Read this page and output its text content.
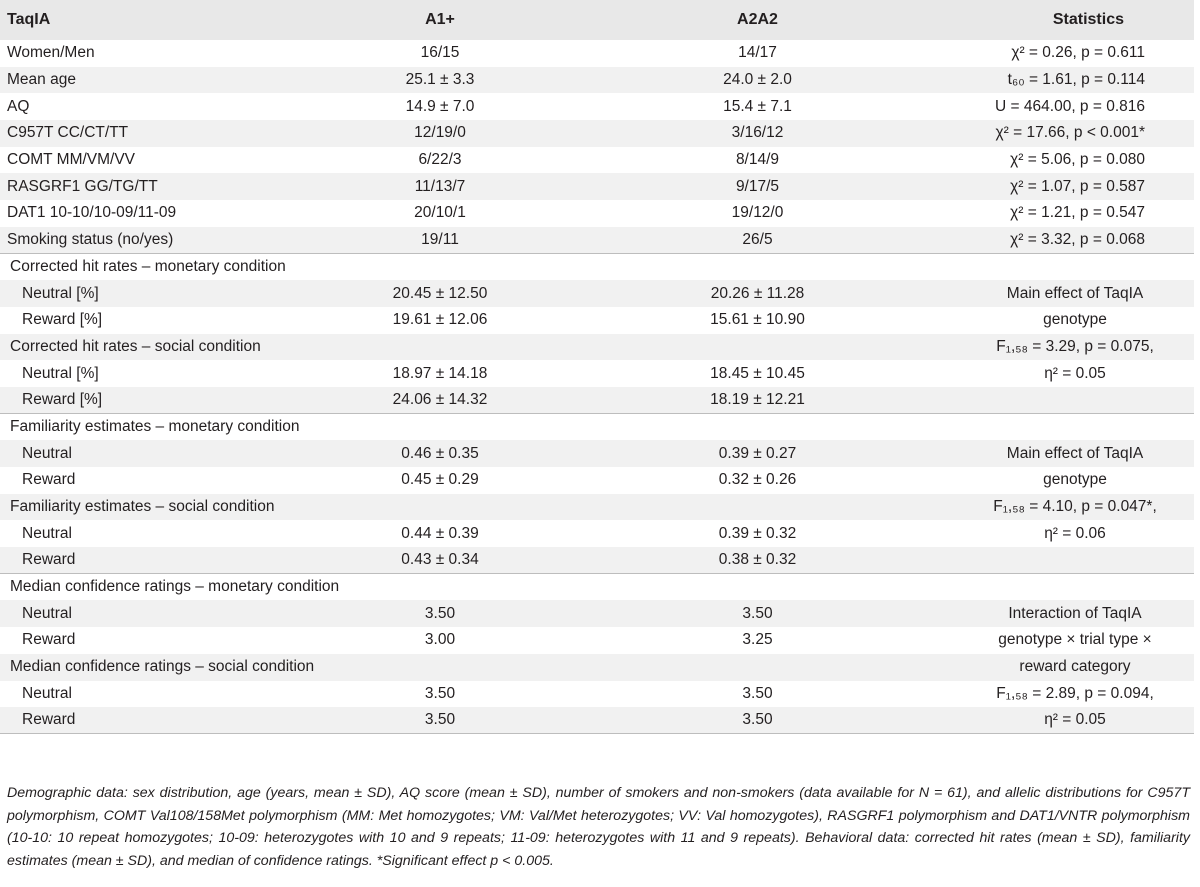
TaqIA	A1+	A2A2	Statistics
Women/Men	16/15	14/17	χ² = 0.26, p = 0.611
Mean age	25.1 ± 3.3	24.0 ± 2.0	t₆₀ = 1.61, p = 0.114
AQ	14.9 ± 7.0	15.4 ± 7.1	U = 464.00, p = 0.816
C957T CC/CT/TT	12/19/0	3/16/12	χ² = 17.66, p < 0.001*
COMT MM/VM/VV	6/22/3	8/14/9	χ² = 5.06, p = 0.080
RASGRF1 GG/TG/TT	11/13/7	9/17/5	χ² = 1.07, p = 0.587
DAT1 10-10/10-09/11-09	20/10/1	19/12/0	χ² = 1.21, p = 0.547
Smoking status (no/yes)	19/11	26/5	χ² = 3.32, p = 0.068
Corrected hit rates – monetary condition			
Neutral [%]	20.45 ± 12.50	20.26 ± 11.28	Main effect of TaqIA
Reward [%]	19.61 ± 12.06	15.61 ± 10.90	genotype
Corrected hit rates – social condition			F₁,₅₈ = 3.29, p = 0.075,
Neutral [%]	18.97 ± 14.18	18.45 ± 10.45	η² = 0.05
Reward [%]	24.06 ± 14.32	18.19 ± 12.21	
Familiarity estimates – monetary condition			
Neutral	0.46 ± 0.35	0.39 ± 0.27	Main effect of TaqIA
Reward	0.45 ± 0.29	0.32 ± 0.26	genotype
Familiarity estimates – social condition			F₁,₅₈ = 4.10, p = 0.047*,
Neutral	0.44 ± 0.39	0.39 ± 0.32	η² = 0.06
Reward	0.43 ± 0.34	0.38 ± 0.32	
Median confidence ratings – monetary condition			
Neutral	3.50	3.50	Interaction of TaqIA
Reward	3.00	3.25	genotype × trial type ×
Median confidence ratings – social condition			reward category
Neutral	3.50	3.50	F₁,₅₈ = 2.89, p = 0.094,
Reward	3.50	3.50	η² = 0.05
Demographic data: sex distribution, age (years, mean ± SD), AQ score (mean ± SD), number of smokers and non-smokers (data available for N = 61), and allelic distributions for C957T polymorphism, COMT Val108/158Met polymorphism (MM: Met homozygotes; VM: Val/Met heterozygotes; VV: Val homozygotes), RASGRF1 polymorphism and DAT1/VNTR polymorphism (10-10: 10 repeat homozygotes; 10-09: heterozygotes with 10 and 9 repeats; 11-09: heterozygotes with 11 and 9 repeats). Behavioral data: corrected hit rates (mean ± SD), familiarity estimates (mean ± SD), and median of confidence ratings. *Significant effect p < 0.005.
